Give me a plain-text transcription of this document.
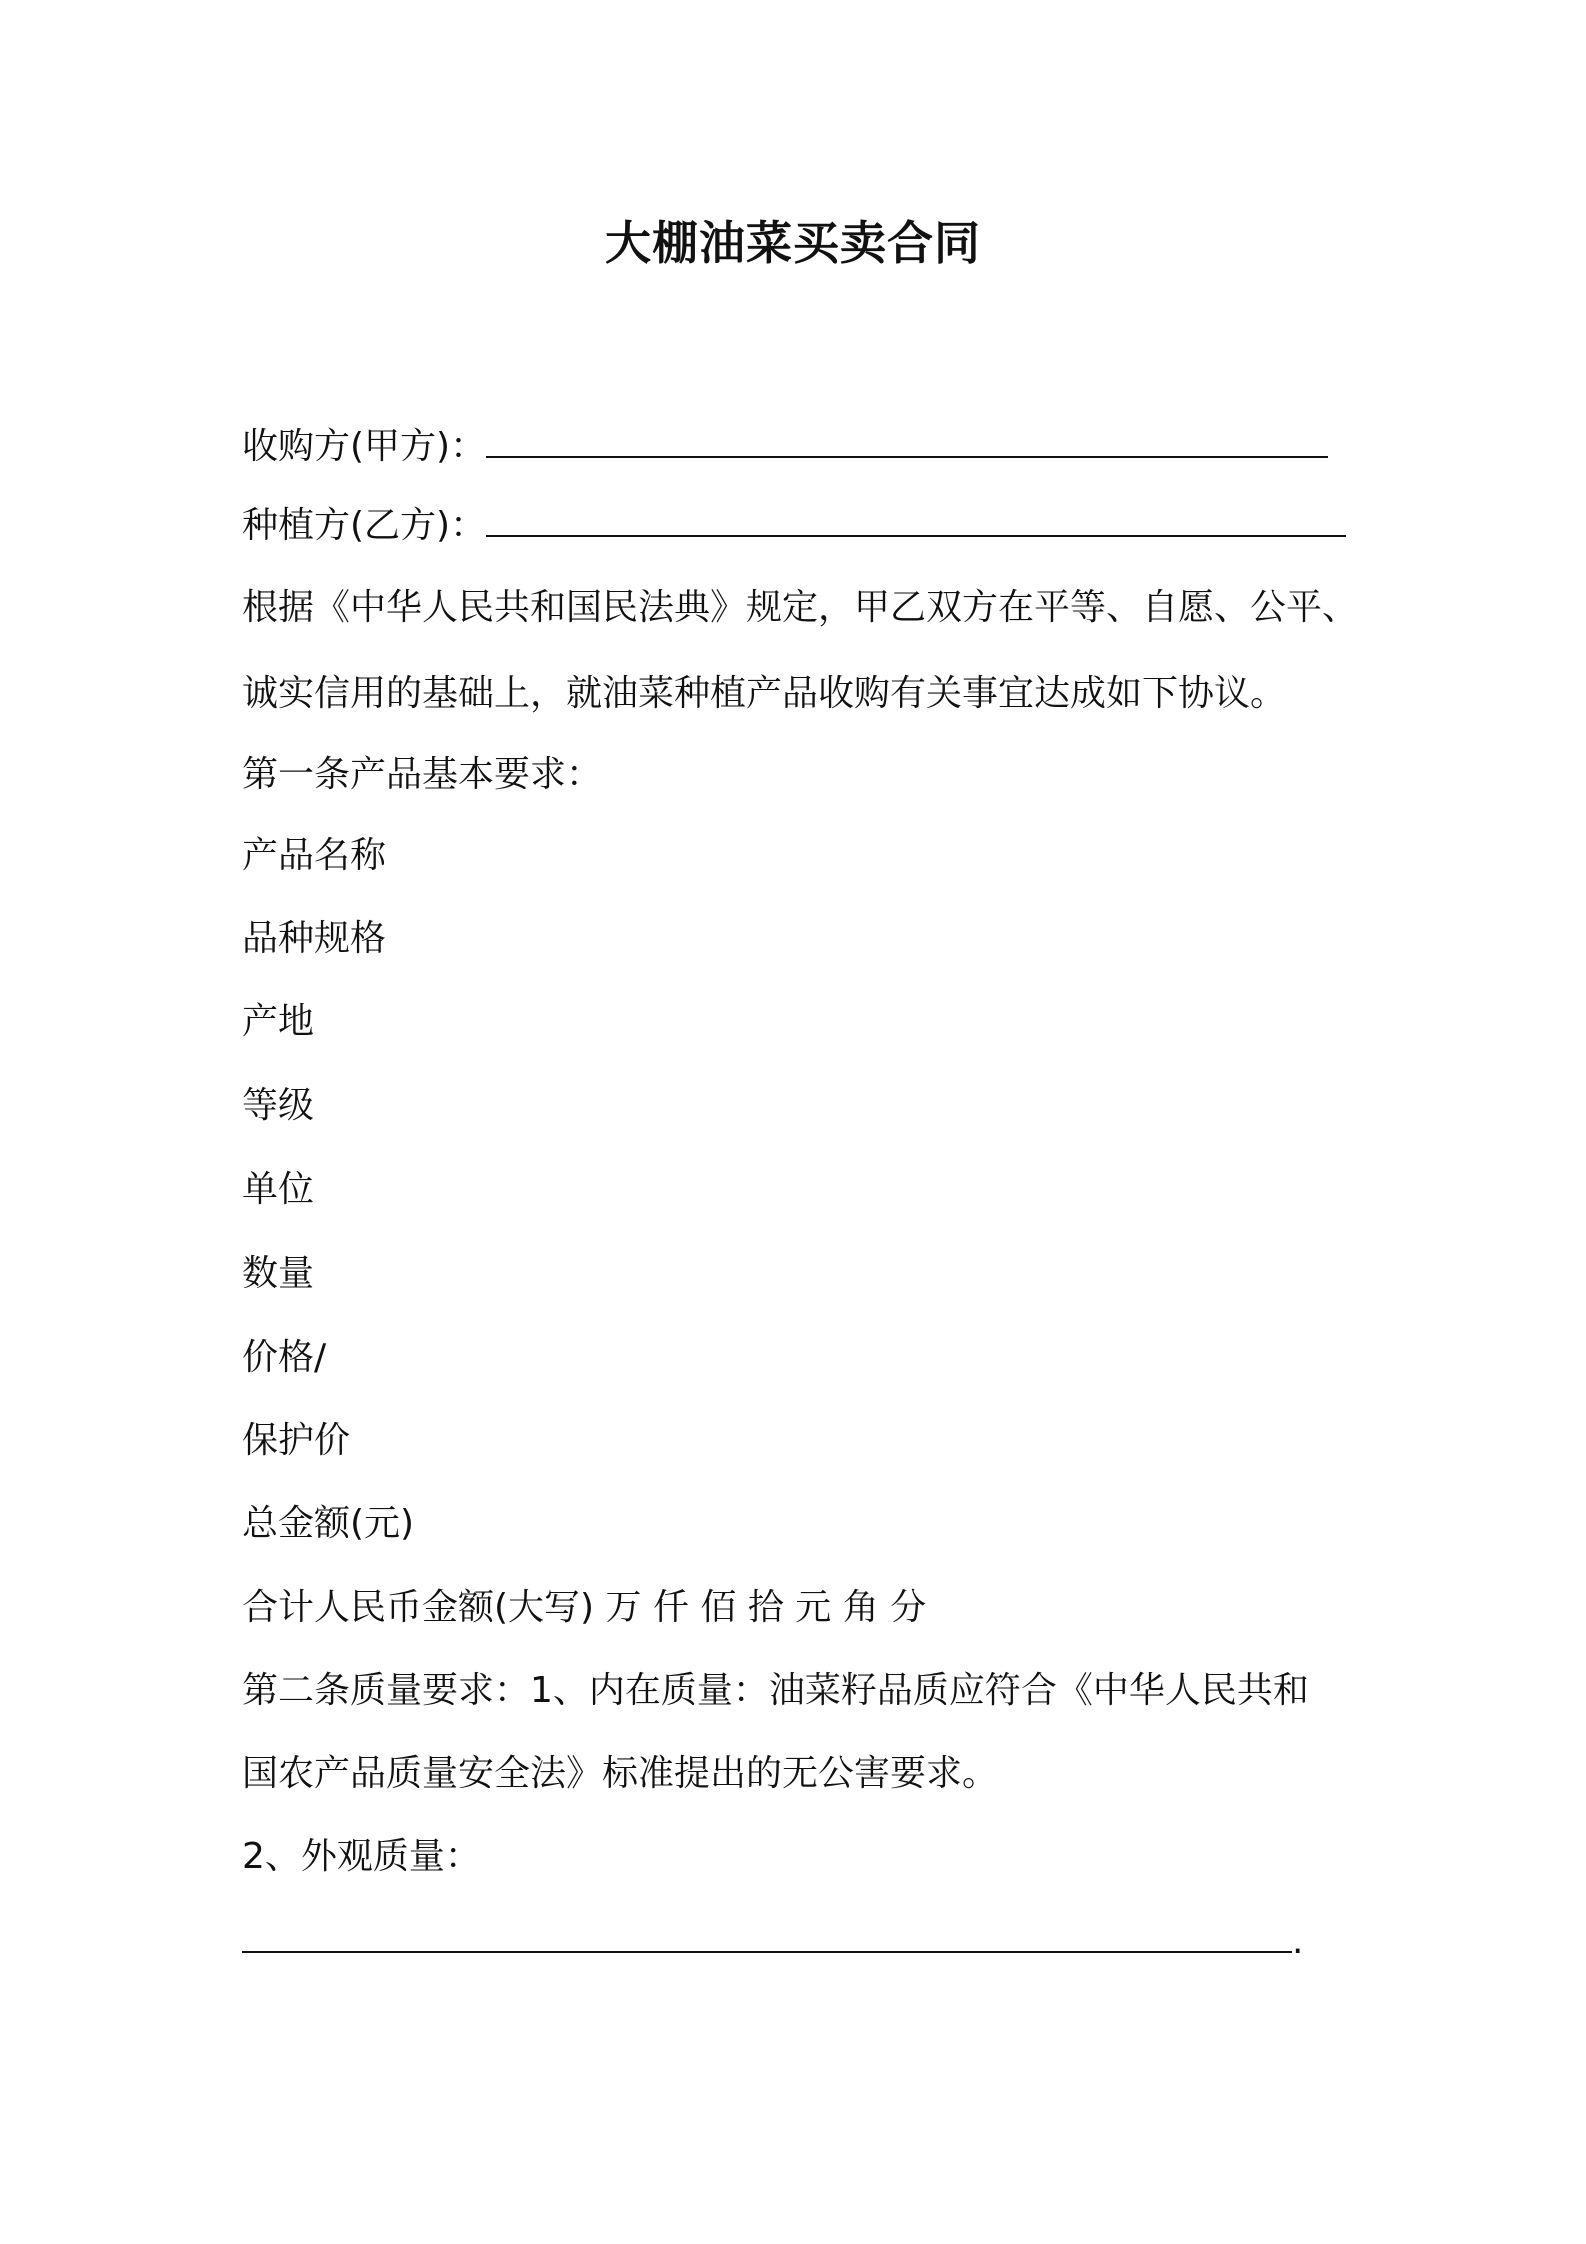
大棚油菜买卖合同
收购方(甲方)：
种植方(乙方)：
根据《中华人民共和国民法典》规定，甲乙双方在平等、自愿、公平、
诚实信用的基础上，就油菜种植产品收购有关事宜达成如下协议。
第一条产品基本要求：
产品名称
品种规格
产地
等级
单位
数量
价格/
保护价
总金额(元)
合计人民币金额(大写) 万 仟 佰 拾 元 角 分
第二条质量要求：1、内在质量：油菜籽品质应符合《中华人民共和
国农产品质量安全法》标准提出的无公害要求。
2、外观质量：
.
